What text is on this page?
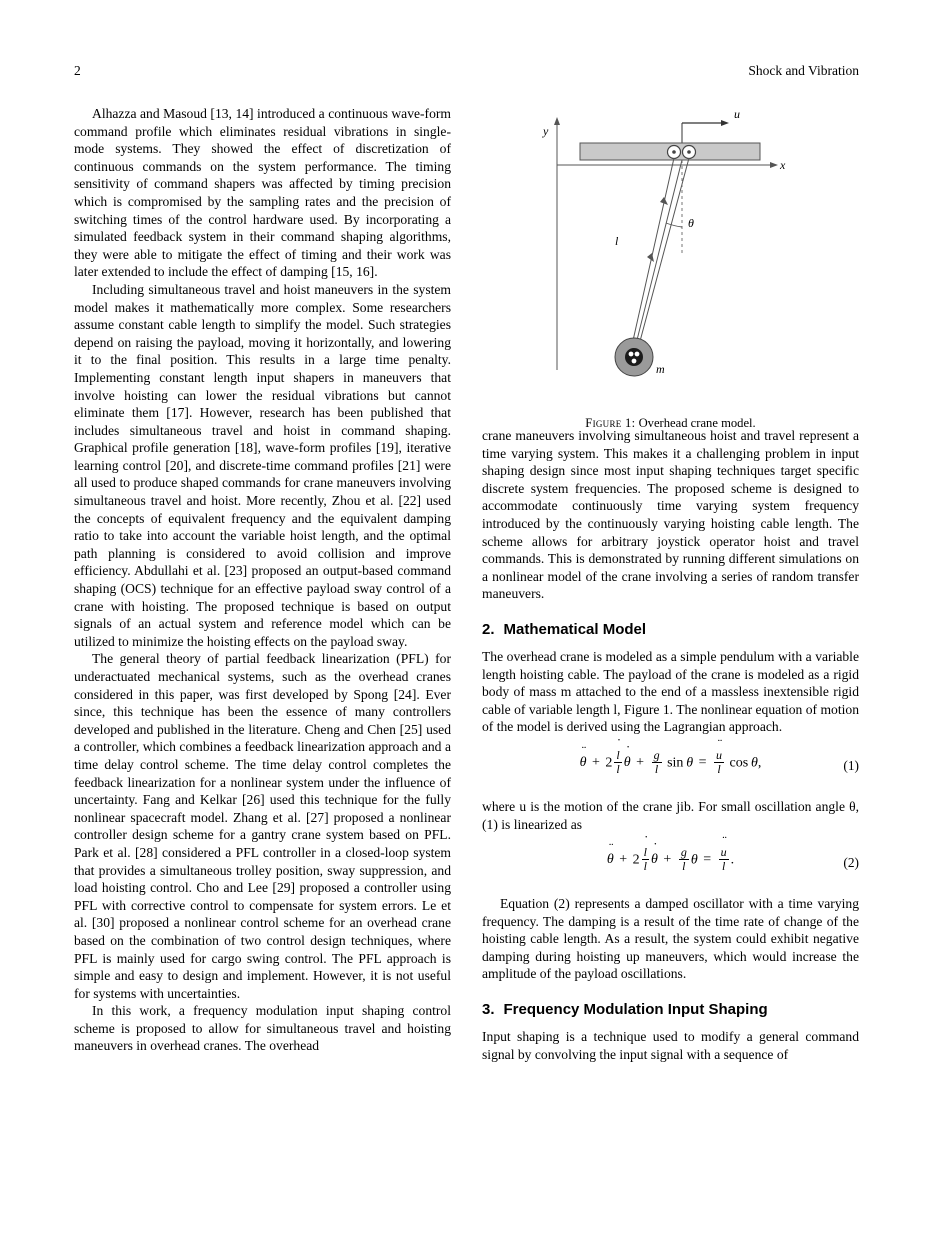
2	Shock and Vibration

Alhazza and Masoud [13, 14] introduced a continuous wave-form command profile which eliminates residual vibrations in single-mode systems. They showed the effect of discretization of continuous commands on the system performance. The timing sensitivity of command shapers was affected by timing precision which is compromised by the sampling rates and the precision of switching times of the control hardware used. By incorporating a simulated feedback system in their command shaping algorithms, they were able to mitigate the effect of timing and their work was later extended to include the effect of damping [15, 16].

Including simultaneous travel and hoist maneuvers in the system model makes it mathematically more complex. Some researchers assume constant cable length to simplify the model. Such strategies depend on raising the payload, moving it horizontally, and lowering it to the final position. This results in a large time penalty. Implementing constant length input shapers in maneuvers that involve hoisting can lower the residual vibrations but cannot eliminate them [17]. However, research has been published that includes simultaneous travel and hoist in command shaping. Graphical profile generation [18], wave-form profiles [19], iterative learning control [20], and discrete-time command profiles [21] were all used to produce shaped commands for crane maneuvers involving simultaneous travel and hoist. More recently, Zhou et al. [22] used the concepts of equivalent frequency and the equivalent damping ratio to take into account the variable hoist length, and the optimal path planning is considered to avoid collision and improve efficiency. Abdullahi et al. [23] proposed an output-based command shaping (OCS) technique for an effective payload sway control of a crane with hoisting. The proposed technique is based on output signals of an actual system and reference model which can be utilized to minimize the hoisting effects on the payload sway.

The general theory of partial feedback linearization (PFL) for underactuated mechanical systems, such as the overhead cranes considered in this paper, was first developed by Spong [24]. Ever since, this technique has been the essence of many controllers developed and published in the literature. Cheng and Chen [25] used a controller, which combines a feedback linearization approach and a time delay control scheme. The time delay control completes the feedback linearization for a nonlinear system under the influence of uncertainty. Fang and Kelkar [26] used this technique for the fully nonlinear spacecraft model. Zhang et al. [27] proposed a nonlinear controller design scheme for a gantry crane system based on PFL. Park et al. [28] considered a PFL controller in a closed-loop system that provides a simultaneous trolley position, sway suppression, and load hoisting control. Cho and Lee [29] proposed a controller using PFL with corrective control to compensate for system errors. Le et al. [30] proposed a nonlinear control scheme for an overhead crane based on the combination of two control design techniques, where PFL is mainly used for cargo swing control. The PFL approach is simple and easy to design and implement. However, it is not useful for systems with uncertainties.

In this work, a frequency modulation input shaping control scheme is proposed to allow for simultaneous travel and hoisting maneuvers in overhead cranes. The overhead

y
x
u
θ
l
m
Figure 1: Overhead crane model.

crane maneuvers involving simultaneous hoist and travel represent a time varying system. This makes it a challenging problem in input shaping design since most input shaping techniques target specific discrete system frequencies. The proposed scheme is designed to accommodate continuously time varying system frequency introduced by the continuously varying hoisting cable length. The scheme allows for arbitrary joystick operator hoist and travel commands. This is demonstrated by running different simulations on a nonlinear model of the crane involving a series of random transfer maneuvers.

2. Mathematical Model

The overhead crane is modeled as a simple pendulum with a variable length hoisting cable. The payload of the crane is modeled as a rigid body of mass m attached to the end of a massless inextensible rigid cable of variable length l, Figure 1. The nonlinear equation of motion of the model is derived using the Lagrangian approach.

θ ¨ + $2 \frac{l ˙}{l}$ θ ˙ + $\frac{g}{l}$ $\sin \theta = \frac{u ¨}{l}$ cos θ,	(1)

where u is the motion of the crane jib. For small oscillation angle θ, (1) is linearized as

θ ¨ + $2 \frac{l ˙}{l}$ θ ˙ + $\frac{g}{l}$ $\theta = \frac{u ¨}{l}$ .	(2)

Equation (2) represents a damped oscillator with a time varying frequency. The damping is a result of the time rate of change of the hoisting cable length. As a result, the system could exhibit negative damping during hoisting up maneuvers, which would increase the amplitude of the payload oscillations.

3. Frequency Modulation Input Shaping

Input shaping is a technique used to modify a general command signal by convolving the input signal with a sequence of
